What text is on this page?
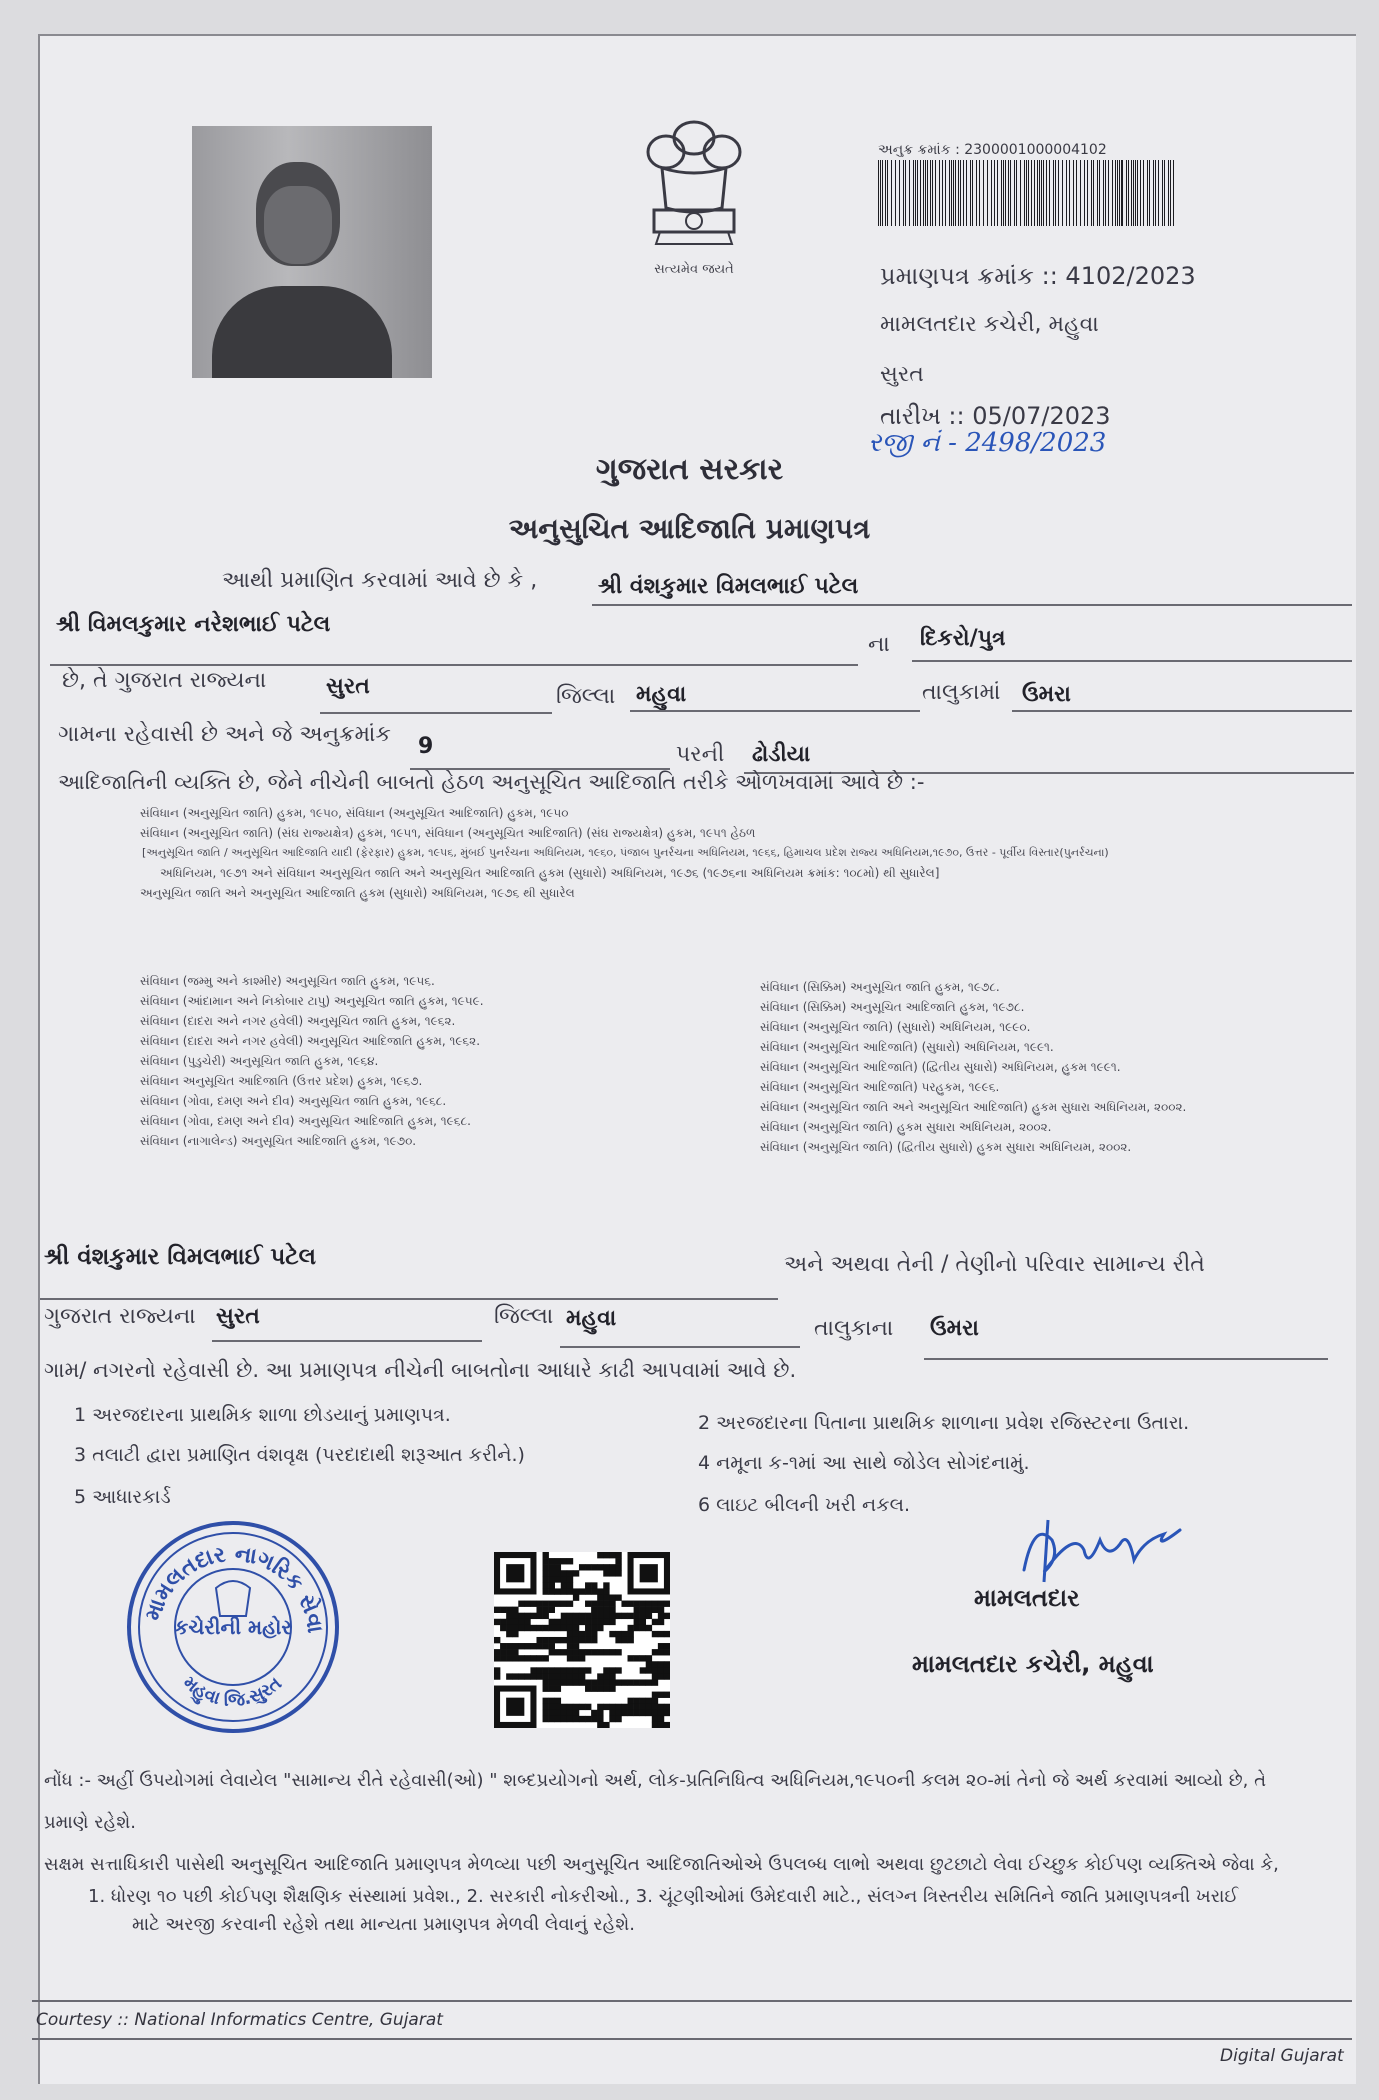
સત્યમેવ જયતે
અનુક્ર ક્રમાંક : 2300001000004102
પ્રમાણપત્ર ક્રમાંક :: 4102/2023
મામલતદાર કચેરી, મહુવા
સુરત
તારીખ :: 05/07/2023
રજી નં - 2498/2023
ગુજરાત સરકાર
અનુસુચિત આદિજાતિ પ્રમાણપત્ર
આથી પ્રમાણિત કરવામાં આવે છે કે ,	શ્રી વંશકુમાર વિમલભાઈ પટેલ
શ્રી વિમલકુમાર નરેશભાઈ પટેલ
ના દિકરો/પુત્ર
છે, તે ગુજરાત રાજ્યના	સુરત	જિલ્લા મહુવા	તાલુકામાં ઉમરા
ગામના રહેવાસી છે અને જે અનુક્રમાંક 9	પરની ઢોડીયા
આદિજાતિની વ્યક્તિ છે, જેને નીચેની બાબતો હેઠળ અનુસૂચિત આદિજાતિ તરીકે ઓળખવામાં આવે છે :-
સંવિધાન (અનુસૂચિત જાતિ) હુકમ, ૧૯૫૦, સંવિધાન (અનુસૂચિત આદિજાતિ) હુકમ, ૧૯૫૦
સંવિધાન (અનુસૂચિત જાતિ) (સંઘ રાજ્યક્ષેત્ર) હુકમ, ૧૯૫૧, સંવિધાન (અનુસૂચિત આદિજાતિ) (સંઘ રાજ્યક્ષેત્ર) હુકમ, ૧૯૫૧ હેઠળ
[અનુસૂચિત જાતિ / અનુસૂચિત આદિજાતિ યાદી (ફેરફાર) હુકમ, ૧૯૫૬, મુંબઈ પુનર્રચના અધિનિયમ, ૧૯૬૦, પંજાબ પુનર્રચના અધિનિયમ, ૧૯૬૬, હિમાચલ પ્રદેશ રાજ્ય અધિનિયમ,૧૯૭૦, ઉત્તર - પૂર્વીય વિસ્તાર(પુનર્રચના)
અધિનિયમ, ૧૯૭૧ અને સંવિધાન અનુસૂચિત જાતિ અને અનુસૂચિત આદિજાતિ હુકમ (સુધારો) અધિનિયમ, ૧૯૭૬ (૧૯૭૬ના અધિનિયમ ક્રમાંક: ૧૦૮મો) થી સુધારેલ]
અનુસૂચિત જાતિ અને અનુસૂચિત આદિજાતિ હુકમ (સુધારો) અધિનિયમ, ૧૯૭૬ થી સુધારેલ
સંવિધાન (જમ્મુ અને કાશ્મીર) અનુસૂચિત જાતિ હુકમ, ૧૯૫૬.
સંવિધાન (આંદામાન અને નિકોબાર ટાપુ) અનુસૂચિત જાતિ હુકમ, ૧૯૫૯.
સંવિધાન (દાદરા અને નગર હવેલી) અનુસૂચિત જાતિ હુકમ, ૧૯૬૨.
સંવિધાન (દાદરા અને નગર હવેલી) અનુસૂચિત આદિજાતિ હુકમ, ૧૯૬૨.
સંવિધાન (પુડુચેરી) અનુસૂચિત જાતિ હુકમ, ૧૯૬૪.
સંવિધાન અનુસૂચિત આદિજાતિ (ઉત્તર પ્રદેશ) હુકમ, ૧૯૬૭.
સંવિધાન (ગોવા, દમણ અને દીવ) અનુસૂચિત જાતિ હુકમ, ૧૯૬૮.
સંવિધાન (ગોવા, દમણ અને દીવ) અનુસૂચિત આદિજાતિ હુકમ, ૧૯૬૮.
સંવિધાન (નાગાલેન્ડ) અનુસૂચિત આદિજાતિ હુકમ, ૧૯૭૦.
સંવિધાન (સિક્કિમ) અનુસૂચિત જાતિ હુકમ, ૧૯૭૮.
સંવિધાન (સિક્કિમ) અનુસૂચિત આદિજાતિ હુકમ, ૧૯૭૮.
સંવિધાન (અનુસૂચિત જાતિ) (સુધારો) અધિનિયમ, ૧૯૯૦.
સંવિધાન (અનુસૂચિત આદિજાતિ) (સુધારો) અધિનિયમ, ૧૯૯૧.
સંવિધાન (અનુસૂચિત આદિજાતિ) (દ્વિતીય સુધારો) અધિનિયમ, હુકમ ૧૯૯૧.
સંવિધાન (અનુસૂચિત આદિજાતિ) પરહુકમ, ૧૯૯૬.
સંવિધાન (અનુસૂચિત જાતિ અને અનુસૂચિત આદિજાતિ) હુકમ સુધારા અધિનિયમ, ૨૦૦૨.
સંવિધાન (અનુસૂચિત જાતિ) હુકમ સુધારા અધિનિયમ, ૨૦૦૨.
સંવિધાન (અનુસૂચિત જાતિ) (દ્વિતીય સુધારો) હુકમ સુધારા અધિનિયમ, ૨૦૦૨.
શ્રી વંશકુમાર વિમલભાઈ પટેલ	અને અથવા તેની / તેણીનો પરિવાર સામાન્ય રીતે
ગુજરાત રાજ્યના સુરત	જિલ્લા મહુવા	તાલુકાના ઉમરા
ગામ/ નગરનો રહેવાસી છે. આ પ્રમાણપત્ર નીચેની બાબતોના આધારે કાઢી આપવામાં આવે છે.
1 અરજદારના પ્રાથમિક શાળા છોડયાનું પ્રમાણપત્ર.	2 અરજદારના પિતાના પ્રાથમિક શાળાના પ્રવેશ રજિસ્ટરના ઉતારા.
3 તલાટી દ્વારા પ્રમાણિત વંશવૃક્ષ (પરદાદાથી શરૂઆત કરીને.)	4 નમૂના ક-૧માં આ સાથે જોડેલ સોગંદનામું.
5 આધારકાર્ડ	6 લાઇટ બીલની ખરી નકલ.
મામલતદાર નાગરિક સેવા
મહુવા જિ.સુરત
કચેરીની મહોર
મામલતદાર
મામલતદાર કચેરી, મહુવા
નોંધ :- અહીં ઉપયોગમાં લેવાયેલ "સામાન્ય રીતે રહેવાસી(ઓ) " શબ્દપ્રયોગનો અર્થ, લોક-પ્રતિનિધિત્વ અધિનિયમ,૧૯૫૦ની કલમ ૨૦-માં તેનો જે અર્થ કરવામાં આવ્યો છે, તે
પ્રમાણે રહેશે.
સક્ષમ સત્તાધિકારી પાસેથી અનુસૂચિત આદિજાતિ પ્રમાણપત્ર મેળવ્યા પછી અનુસૂચિત આદિજાતિઓએ ઉપલબ્ધ લાભો અથવા છુટછાટો લેવા ઈચ્છુક કોઈપણ વ્યક્તિએ જેવા કે,
1. ધોરણ ૧૦ પછી કોઈપણ શૈક્ષણિક સંસ્થામાં પ્રવેશ., 2. સરકારી નોકરીઓ., 3. ચૂંટણીઓમાં ઉમેદવારી માટે., સંલગ્ન ત્રિસ્તરીય સમિતિને જાતિ પ્રમાણપત્રની ખરાઈ
માટે અરજી કરવાની રહેશે તથા માન્યતા પ્રમાણપત્ર મેળવી લેવાનું રહેશે.
Courtesy :: National Informatics Centre, Gujarat
Digital Gujarat
